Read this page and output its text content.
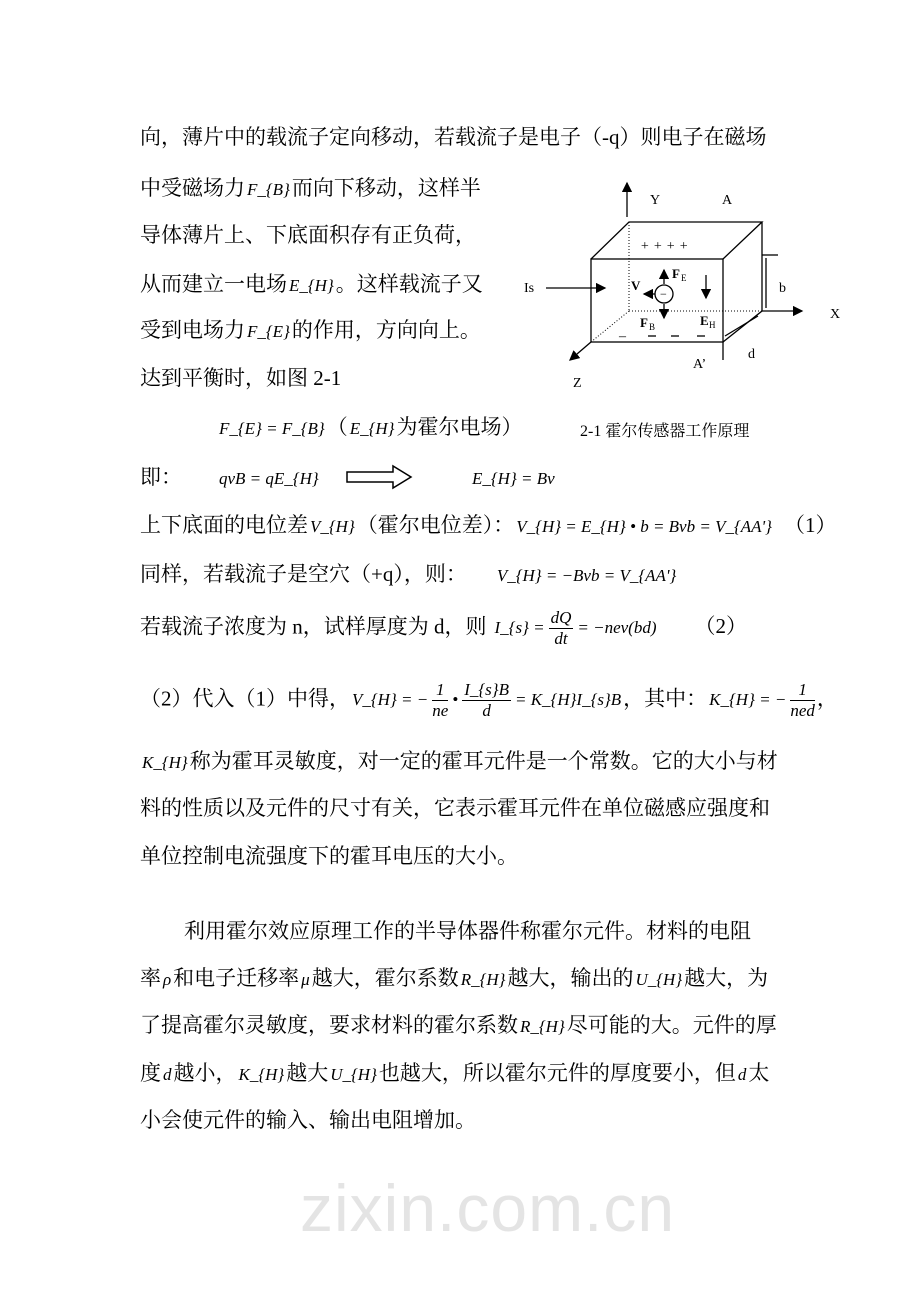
zixin.com.cn
向，薄片中的载流子定向移动，若载流子是电子（-q）则电子在磁场
中受磁场力 F_{B}而向下移动，这样半
导体薄片上、下底面积存有正负荷，
从而建立一电场 E_{H}。这样载流子又
受到电场力 F_{E}的作用，方向向上。
达到平衡时，如图 2-1
F_{E} = F_{B}（ E_{H}为霍尔电场）
即： qvB = qE_{H}	E_{H} = Bv
上下底面的电位差 V_{H}（霍尔电位差）： V_{H} = E_{H} • b = Bvb = V_{AA'} （1）
同样，若载流子是空穴（+q），则： V_{H} = −Bvb = V_{AA'}
若载流子浓度为 n，试样厚度为 d，则 I_{s} = $\frac{dQ}{dt} = -nev(bd)$ （2）
（2）代入（1）中得， V_{H} = − $\frac{1}{ne}$ • $\frac{I\_\{s\}B}{d}$ = K_{H}I_{s}B，其中： K_{H} = − $\frac{1}{\text{ned}}$ ，
K_{H}称为霍耳灵敏度，对一定的霍耳元件是一个常数。它的大小与材
料的性质以及元件的尺寸有关，它表示霍耳元件在单位磁感应强度和
单位控制电流强度下的霍耳电压的大小。
利用霍尔效应原理工作的半导体器件称霍尔元件。材料的电阻
率 ρ和电子迁移率 μ越大，霍尔系数 R_{H}越大，输出的 U_{H}越大，为
了提高霍尔灵敏度，要求材料的霍尔系数 R_{H}尽可能的大。元件的厚
度 d越小， K_{H}越大 U_{H}也越大，所以霍尔元件的厚度要小，但 d太
小会使元件的输入、输出电阻增加。
Y	A
Is	b
X
Z
A’
d
+ + + +
−
V
F E
F B	E H
–
2-1 霍尔传感器工作原理
